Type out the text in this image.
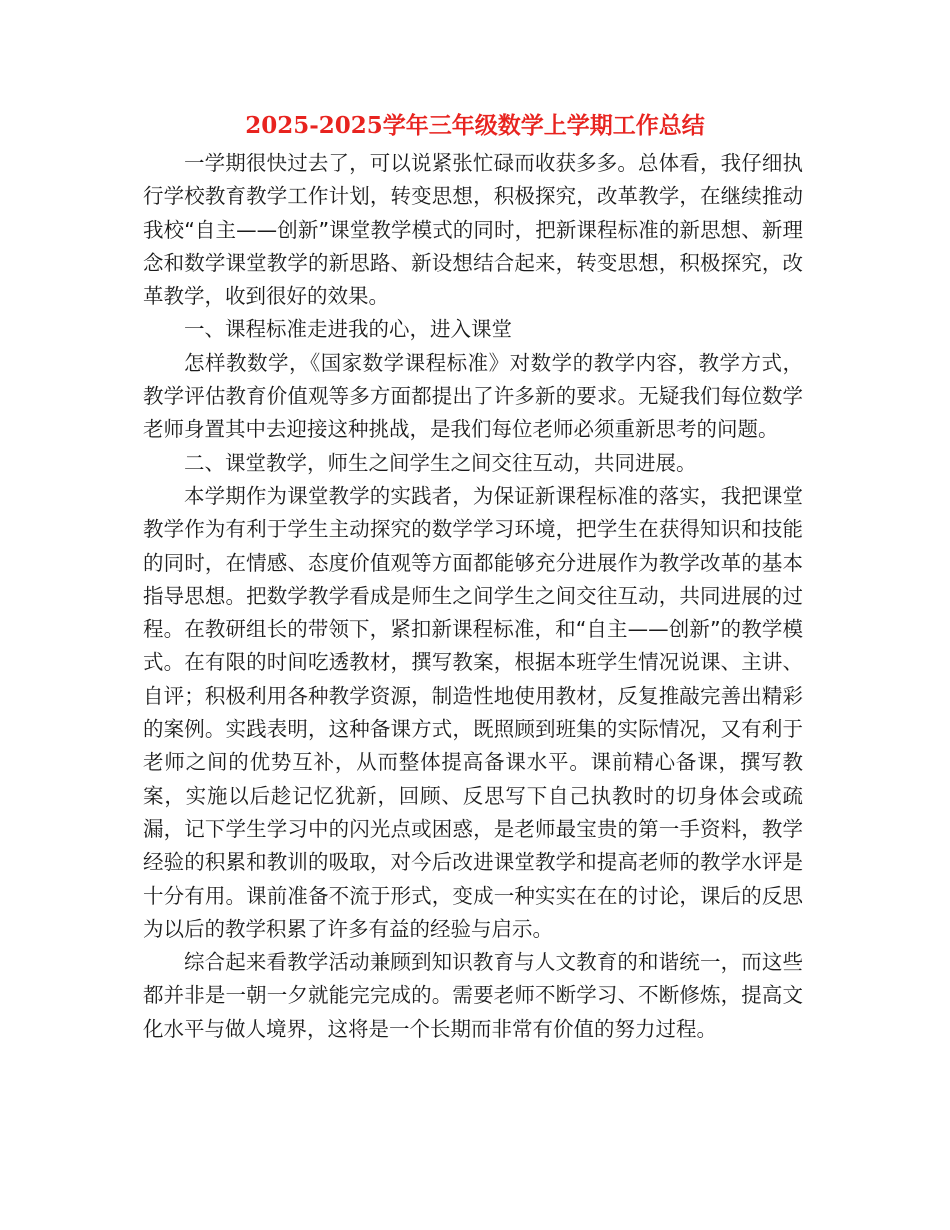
2025-2025学年三年级数学上学期工作总结

一学期很快过去了，可以说紧张忙碌而收获多多。总体看，我仔细执行学校教育教学工作计划，转变思想，积极探究，改革教学，在继续推动我校“自主——创新”课堂教学模式的同时，把新课程标准的新思想、新理念和数学课堂教学的新思路、新设想结合起来，转变思想，积极探究，改革教学，收到很好的效果。

一、课程标准走进我的心，进入课堂

怎样教数学，《国家数学课程标准》对数学的教学内容，教学方式，教学评估教育价值观等多方面都提出了许多新的要求。无疑我们每位数学老师身置其中去迎接这种挑战，是我们每位老师必须重新思考的问题。

二、课堂教学，师生之间学生之间交往互动，共同进展。

本学期作为课堂教学的实践者，为保证新课程标准的落实，我把课堂教学作为有利于学生主动探究的数学学习环境，把学生在获得知识和技能的同时，在情感、态度价值观等方面都能够充分进展作为教学改革的基本指导思想。把数学教学看成是师生之间学生之间交往互动，共同进展的过程。在教研组长的带领下，紧扣新课程标准，和“自主——创新”的教学模式。在有限的时间吃透教材，撰写教案，根据本班学生情况说课、主讲、自评；积极利用各种教学资源，制造性地使用教材，反复推敲完善出精彩的案例。实践表明，这种备课方式，既照顾到班集的实际情况，又有利于老师之间的优势互补，从而整体提高备课水平。课前精心备课，撰写教案，实施以后趁记忆犹新，回顾、反思写下自己执教时的切身体会或疏漏，记下学生学习中的闪光点或困惑，是老师最宝贵的第一手资料，教学经验的积累和教训的吸取，对今后改进课堂教学和提高老师的教学水评是十分有用。课前准备不流于形式，变成一种实实在在的讨论，课后的反思为以后的教学积累了许多有益的经验与启示。

综合起来看教学活动兼顾到知识教育与人文教育的和谐统一，而这些都并非是一朝一夕就能完完成的。需要老师不断学习、不断修炼，提高文化水平与做人境界，这将是一个长期而非常有价值的努力过程。
